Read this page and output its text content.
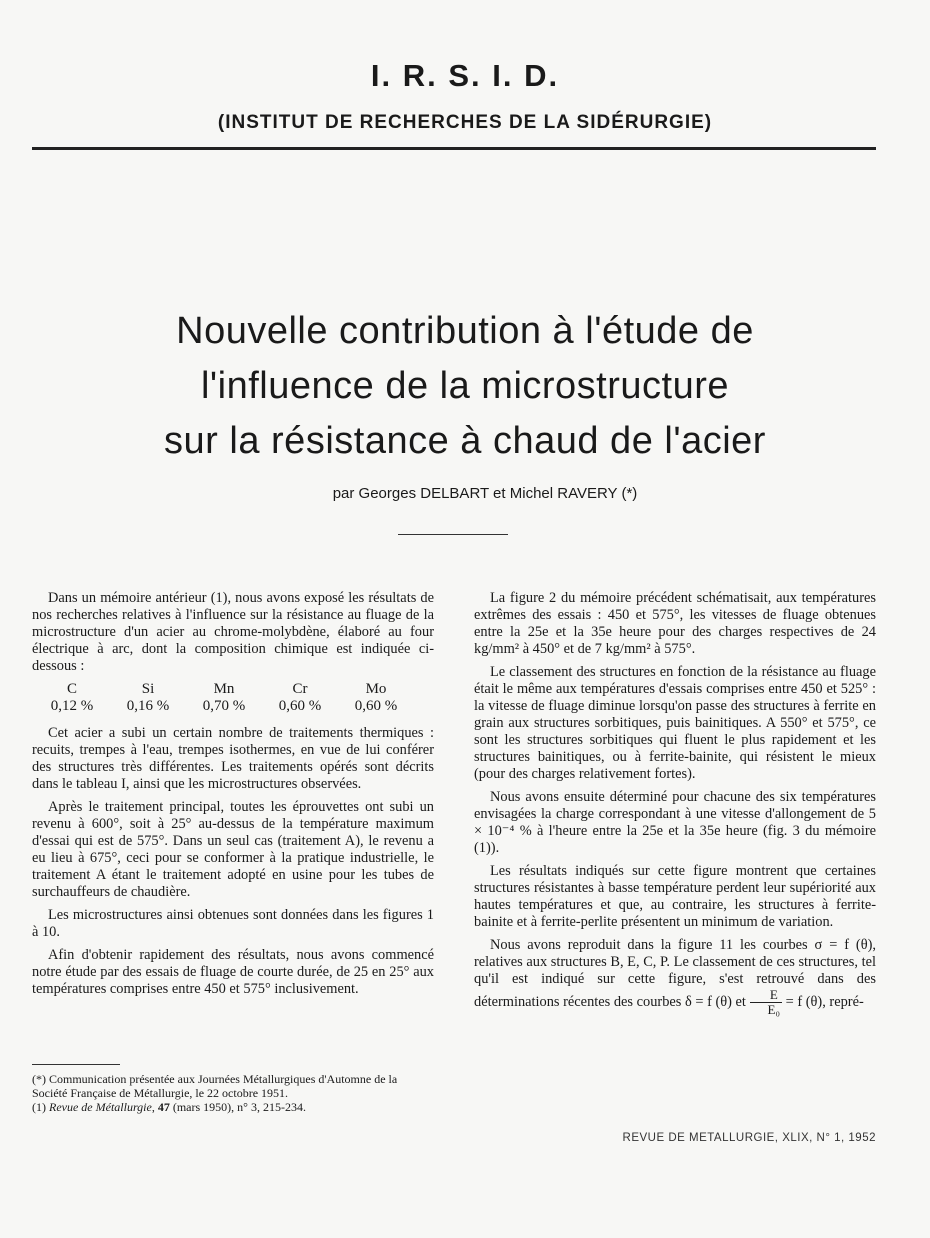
I. R. S. I. D.
(INSTITUT DE RECHERCHES DE LA SIDÉRURGIE)
Nouvelle contribution à l'étude de
l'influence de la microstructure
sur la résistance à chaud de l'acier
par Georges DELBART et Michel RAVERY (*)

Dans un mémoire antérieur (1), nous avons exposé les résultats de nos recherches relatives à l'influence sur la résistance au fluage de la microstructure d'un acier au chrome-molybdène, élaboré au four électrique à arc, dont la composition chimique est indiquée ci-dessous :

C
0,12 %
Si
0,16 %
Mn
0,70 %
Cr
0,60 %
Mo
0,60 %

Cet acier a subi un certain nombre de traitements thermiques : recuits, trempes à l'eau, trempes isothermes, en vue de lui conférer des structures très différentes. Les traitements opérés sont décrits dans le tableau I, ainsi que les microstructures observées.

Après le traitement principal, toutes les éprouvettes ont subi un revenu à 600°, soit à 25° au-dessus de la température maximum d'essai qui est de 575°. Dans un seul cas (traitement A), le revenu a eu lieu à 675°, ceci pour se conformer à la pratique industrielle, le traitement A étant le traitement adopté en usine pour les tubes de surchauffeurs de chaudière.

Les microstructures ainsi obtenues sont données dans les figures 1 à 10.

Afin d'obtenir rapidement des résultats, nous avons commencé notre étude par des essais de fluage de courte durée, de 25 en 25° aux températures comprises entre 450 et 575° inclusivement.

(*) Communication présentée aux Journées Métallurgiques d'Automne de la Société Française de Métallurgie, le 22 octobre 1951.
(1) Revue de Métallurgie, 47 (mars 1950), n° 3, 215-234.

La figure 2 du mémoire précédent schématisait, aux températures extrêmes des essais : 450 et 575°, les vitesses de fluage obtenues entre la 25e et la 35e heure pour des charges respectives de 24 kg/mm² à 450° et de 7 kg/mm² à 575°.

Le classement des structures en fonction de la résistance au fluage était le même aux températures d'essais comprises entre 450 et 525° : la vitesse de fluage diminue lorsqu'on passe des structures à ferrite en grain aux structures sorbitiques, puis bainitiques. A 550° et 575°, ce sont les structures sorbitiques qui fluent le plus rapidement et les structures bainitiques, ou à ferrite-bainite, qui résistent le mieux (pour des charges relativement fortes).

Nous avons ensuite déterminé pour chacune des six températures envisagées la charge correspondant à une vitesse d'allongement de 5 × 10⁻⁴ % à l'heure entre la 25e et la 35e heure (fig. 3 du mémoire (1)).

Les résultats indiqués sur cette figure montrent que certaines structures résistantes à basse température perdent leur supériorité aux hautes températures et que, au contraire, les structures à ferrite-bainite et à ferrite-perlite présentent un minimum de variation.

Nous avons reproduit dans la figure 11 les courbes σ = f (θ), relatives aux structures B, E, C, P. Le classement de ces structures, tel qu'il est indiqué sur cette figure, s'est retrouvé dans des déterminations récentes des courbes δ = f (θ) et $\frac{E}{\text{E₀}} = f$ (θ), repré-

REVUE DE METALLURGIE, XLIX, N° 1, 1952
